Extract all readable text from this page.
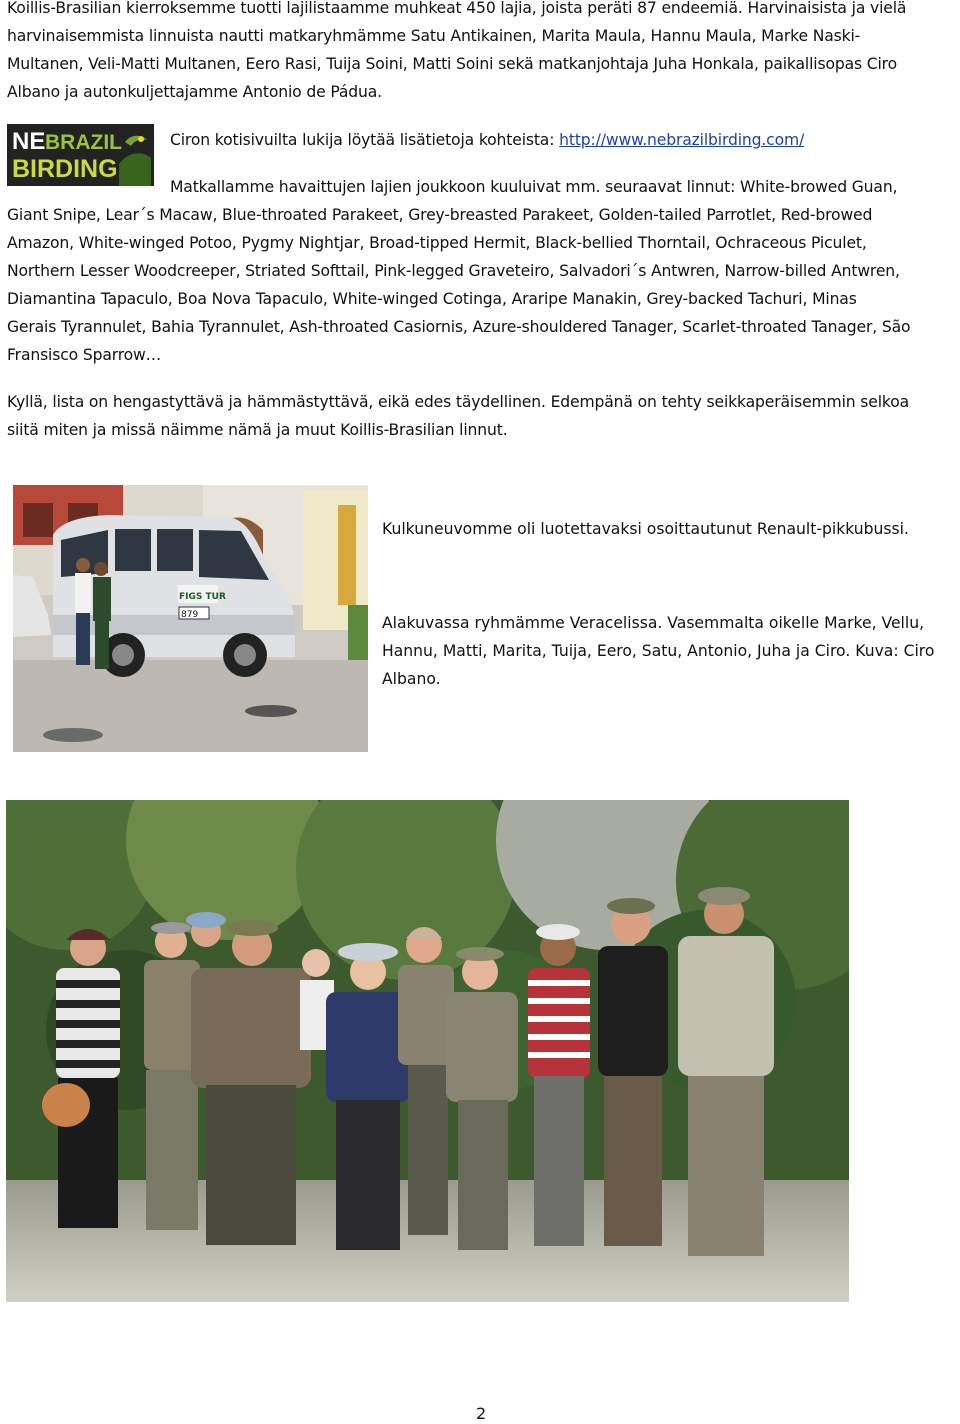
Koillis-Brasilian kierroksemme tuotti lajilistaamme muhkeat 450 lajia, joista peräti 87 endeemiä. Harvinaisista ja vielä
harvinaisemmista linnuista nautti matkaryhmämme Satu Antikainen, Marita Maula, Hannu Maula, Marke Naski-
Multanen, Veli-Matti Multanen, Eero Rasi, Tuija Soini, Matti Soini sekä matkanjohtaja Juha Honkala, paikallisopas Ciro
Albano ja autonkuljettajamme Antonio de Pádua.
NE BRAZIL
BIRDING
Ciron kotisivuilta lukija löytää lisätietoja kohteista: http://www.nebrazilbirding.com/
Matkallamme havaittujen lajien joukkoon kuuluivat mm. seuraavat linnut: White-browed Guan,
Giant Snipe, Lear´s Macaw, Blue-throated Parakeet, Grey-breasted Parakeet, Golden-tailed Parrotlet, Red-browed
Amazon, White-winged Potoo, Pygmy Nightjar, Broad-tipped Hermit, Black-bellied Thorntail, Ochraceous Piculet,
Northern Lesser Woodcreeper, Striated Softtail, Pink-legged Graveteiro, Salvadori´s Antwren, Narrow-billed Antwren,
Diamantina Tapaculo, Boa Nova Tapaculo, White-winged Cotinga, Araripe Manakin, Grey-backed Tachuri, Minas
Gerais Tyrannulet, Bahia Tyrannulet, Ash-throated Casiornis, Azure-shouldered Tanager, Scarlet-throated Tanager, São
Fransisco Sparrow…
Kyllä, lista on hengastyttävä ja hämmästyttävä, eikä edes täydellinen. Edempänä on tehty seikkaperäisemmin selkoa
siitä miten ja missä näimme nämä ja muut Koillis-Brasilian linnut.
FIGS TUR
879
Kulkuneuvomme oli luotettavaksi osoittautunut Renault-pikkubussi.
Alakuvassa ryhmämme Veracelissa. Vasemmalta oikelle Marke, Vellu,
Hannu, Matti, Marita, Tuija, Eero, Satu, Antonio, Juha ja Ciro. Kuva: Ciro
Albano.
2
